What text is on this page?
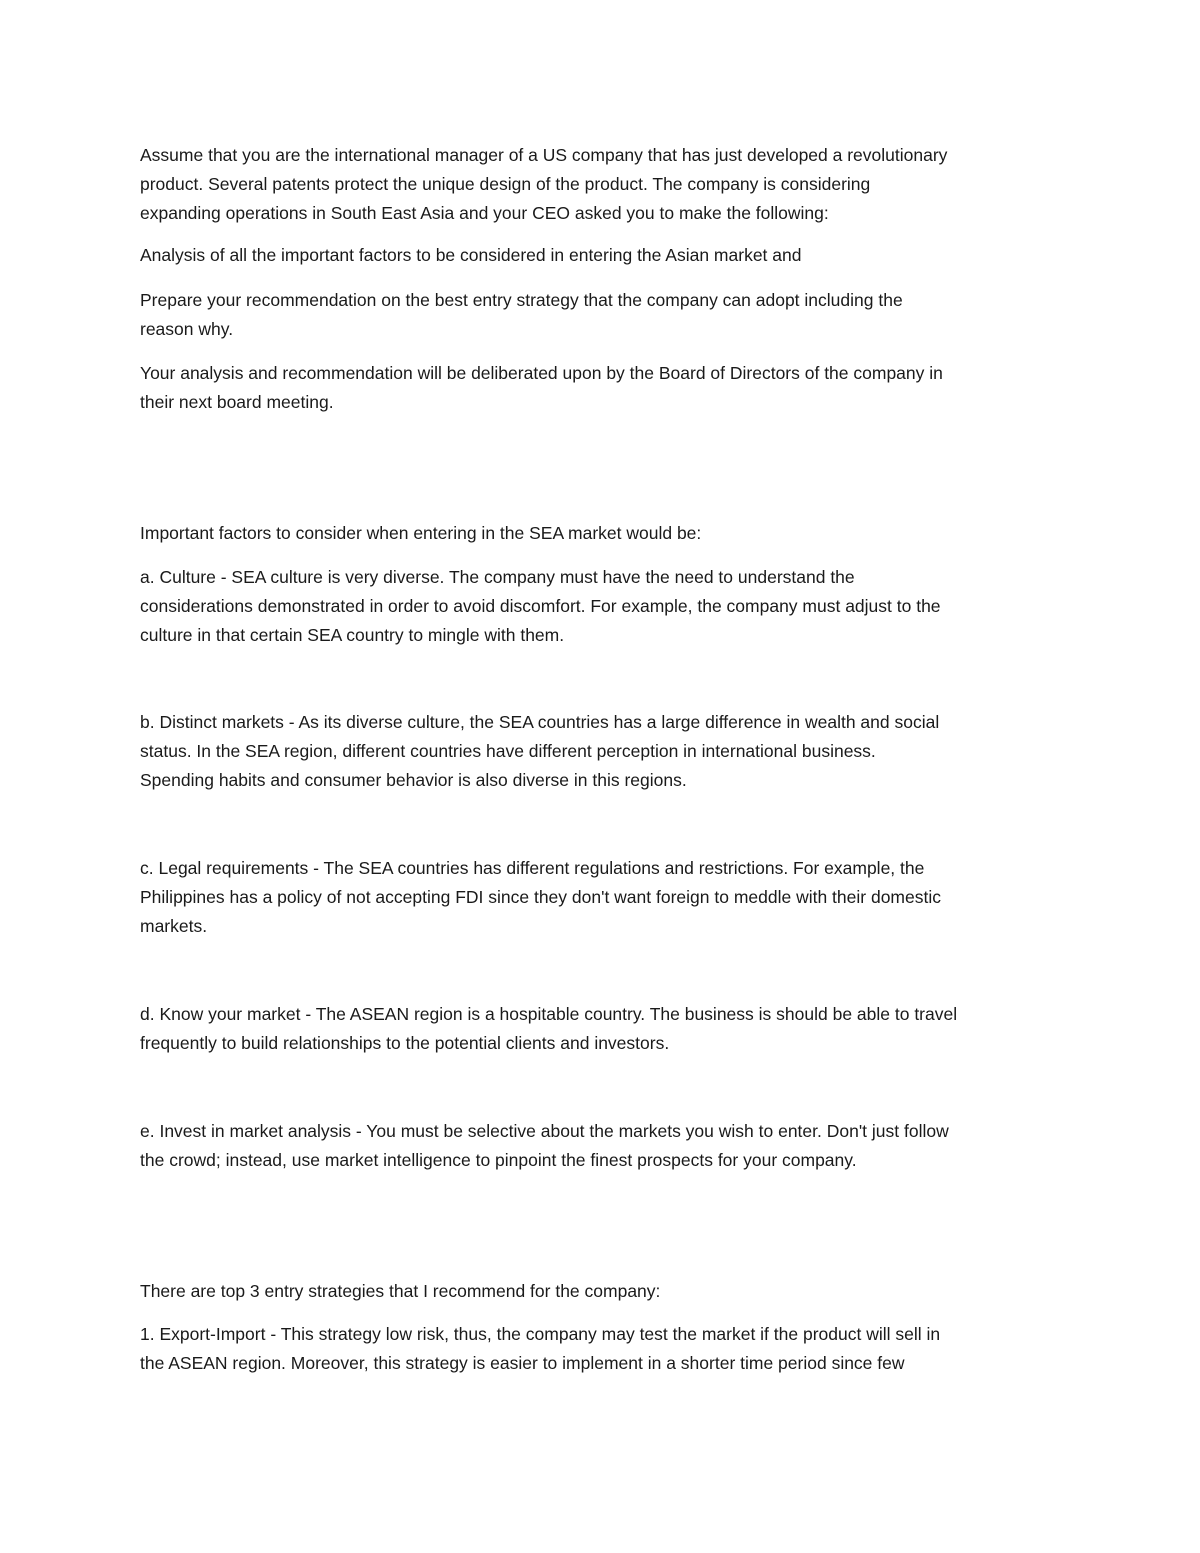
Assume that you are the international manager of a US company that has just developed a revolutionary
product. Several patents protect the unique design of the product. The company is considering
expanding operations in South East Asia and your CEO asked you to make the following:
Analysis of all the important factors to be considered in entering the Asian market and
Prepare your recommendation on the best entry strategy that the company can adopt including the
reason why.
Your analysis and recommendation will be deliberated upon by the Board of Directors of the company in
their next board meeting.
Important factors to consider when entering in the SEA market would be:
a. Culture - SEA culture is very diverse. The company must have the need to understand the
considerations demonstrated in order to avoid discomfort. For example, the company must adjust to the
culture in that certain SEA country to mingle with them.
b. Distinct markets - As its diverse culture, the SEA countries has a large difference in wealth and social
status. In the SEA region, different countries have different perception in international business.
Spending habits and consumer behavior is also diverse in this regions.
c. Legal requirements - The SEA countries has different regulations and restrictions. For example, the
Philippines has a policy of not accepting FDI since they don't want foreign to meddle with their domestic
markets.
d. Know your market - The ASEAN region is a hospitable country. The business is should be able to travel
frequently to build relationships to the potential clients and investors.
e. Invest in market analysis - You must be selective about the markets you wish to enter. Don't just follow
the crowd; instead, use market intelligence to pinpoint the finest prospects for your company.
There are top 3 entry strategies that I recommend for the company:
1. Export-Import - This strategy low risk, thus, the company may test the market if the product will sell in
the ASEAN region. Moreover, this strategy is easier to implement in a shorter time period since few
